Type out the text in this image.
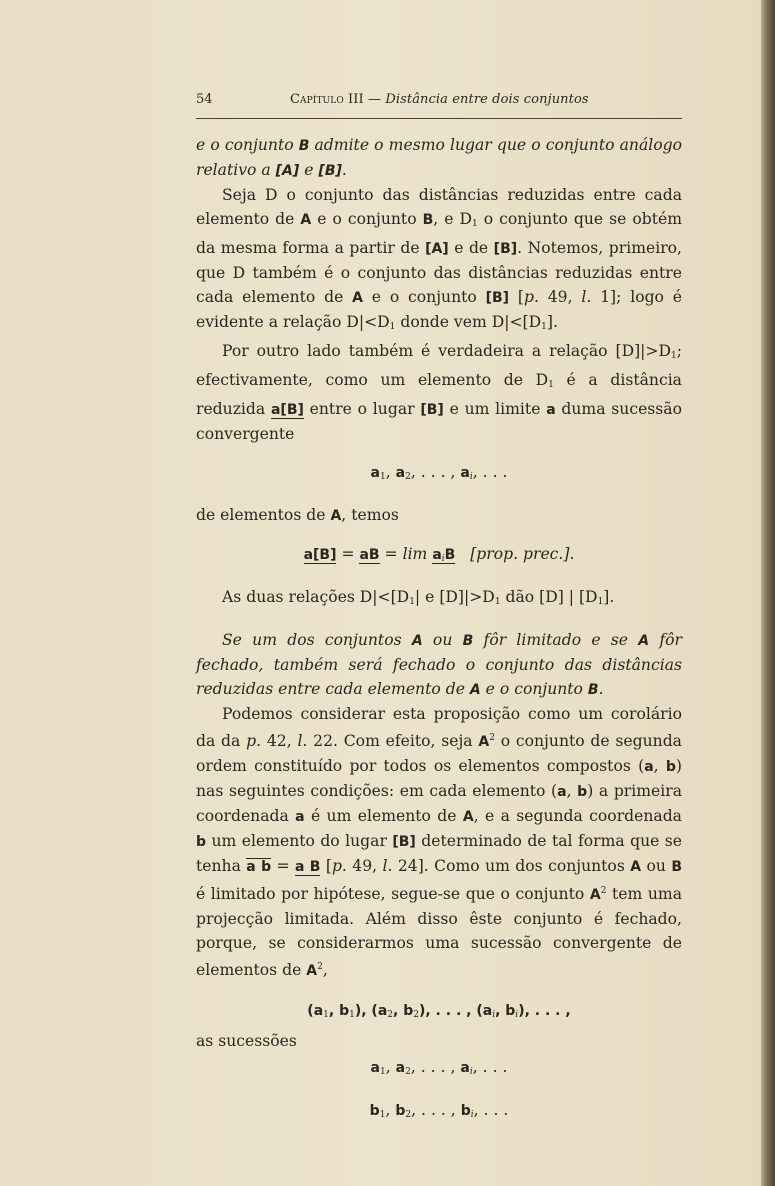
54	Capítulo III — Distância entre dois conjuntos

e o conjunto B admite o mesmo lugar que o conjunto análogo relativo a [A] e [B].

Seja D o conjunto das distâncias reduzidas entre cada elemento de A e o conjunto B, e $D_1$ o conjunto que se obtém da mesma forma a partir de [A] e de [B]. Notemos, primeiro, que D também é o conjunto das distâncias reduzidas entre cada elemento de A e o conjunto [B] [p. 49, l. 1]; logo é evidente a relação $D|<D_1$ donde vem $D|<[D_1]$.

Por outro lado também é verdadeira a relação $[D]|>D_1$; efectivamente, como um elemento de $D_1$ é a distância reduzida a[B] entre o lugar [B] e um limite a duma sucessão convergente

$a_1$, $a_2$, . . . , $a_i$, . . .

de elementos de A, temos

a[B] = aB = $\lim a_iB$ [prop. prec.].

As duas relações $D|<[D_1|$ e $[D]|>D_1$ dão [D] | $[D_1]$.

Se um dos conjuntos A ou B fôr limitado e se A fôr fechado, também será fechado o conjunto das distâncias reduzidas entre cada elemento de A e o conjunto B.

Podemos considerar esta proposição como um corolário da da p. 42, l. 22. Com efeito, seja $A^2$ o conjunto de segunda ordem constituído por todos os elementos compostos (a, b) nas seguintes condições: em cada elemento (a, b) a primeira coordenada a é um elemento de A, e a segunda coordenada b um elemento do lugar [B] determinado de tal forma que se tenha a b = a B [p. 49, l. 24]. Como um dos conjuntos A ou B é limitado por hipótese, segue-se que o conjunto $A^2$ tem uma projecção limitada. Além disso êste conjunto é fechado, porque, se considerarmos uma sucessão convergente de elementos de $A^2$,

($a_1$, $b_1$), ($a_2$, $b_2$), . . . , ($a_i$, $b_i$), . . . ,

as sucessões

$a_1$, $a_2$, . . . , $a_i$, . . .
$b_1$, $b_2$, . . . , $b_i$, . . .
